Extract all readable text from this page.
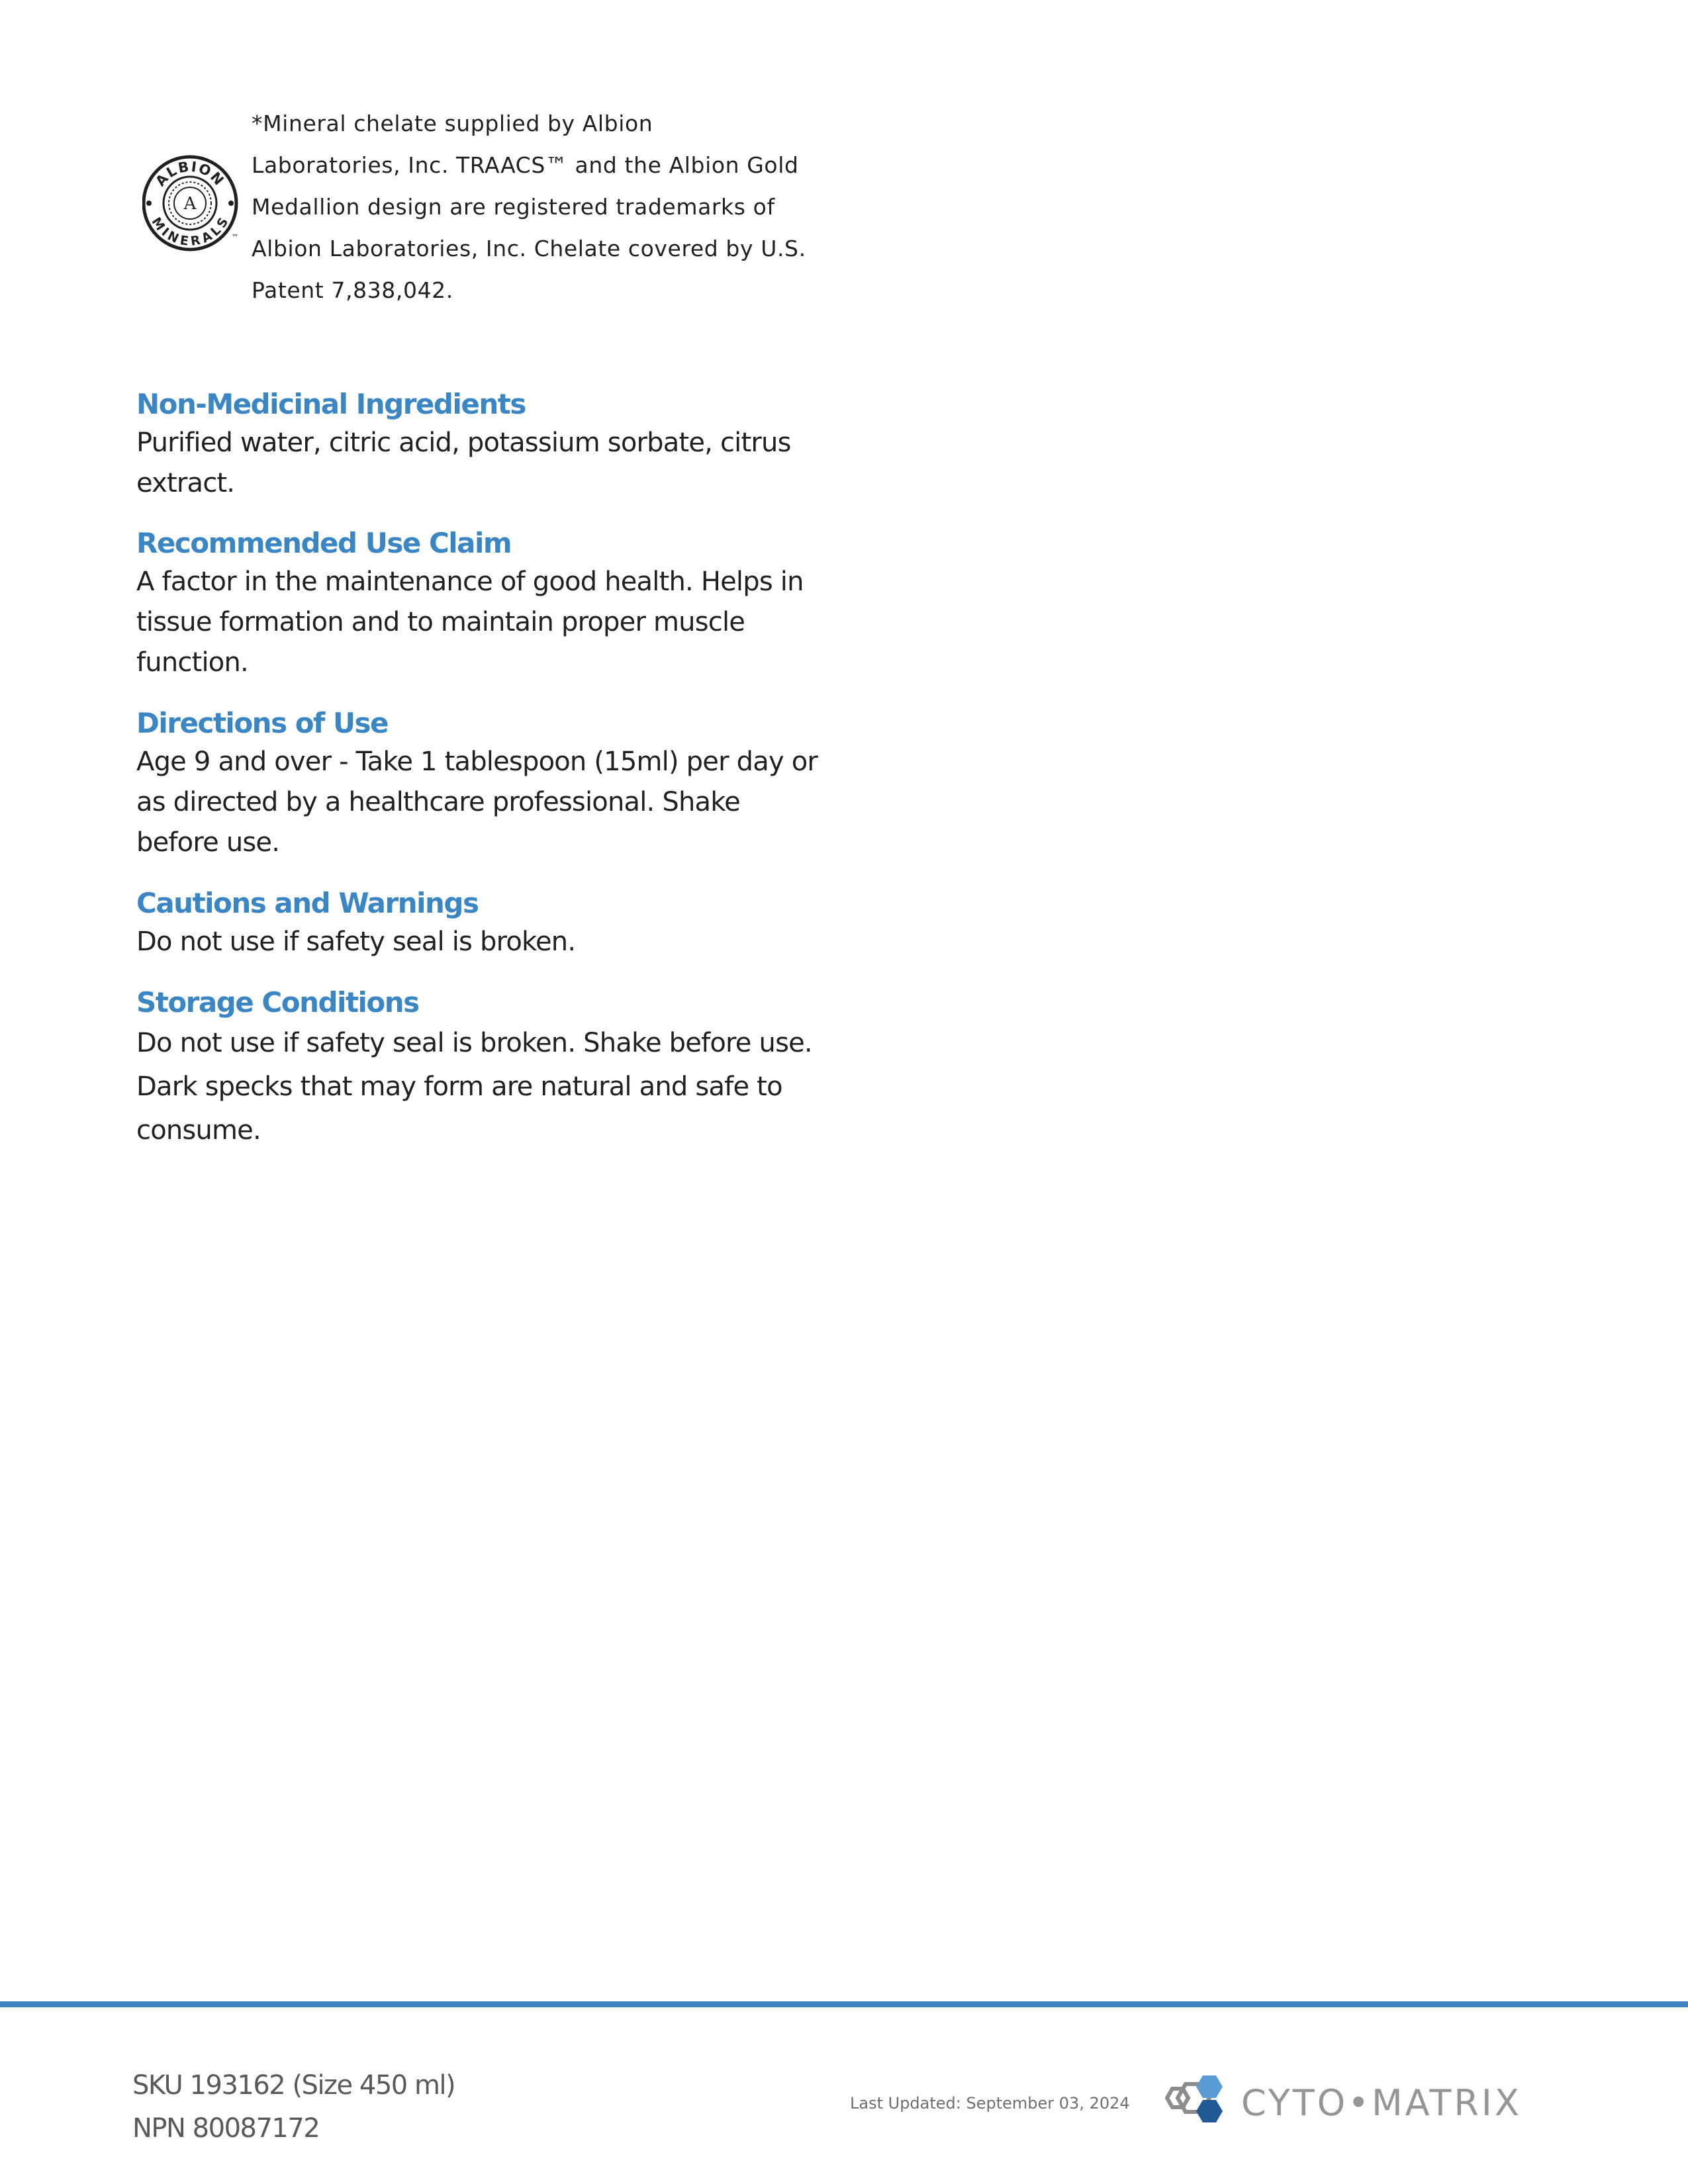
ALBION
MINERALS
A
™
*Mineral chelate supplied by Albion
Laboratories, Inc. TRAACS™ and the Albion Gold
Medallion design are registered trademarks of
Albion Laboratories, Inc. Chelate covered by U.S.
Patent 7,838,042.
Non-Medicinal Ingredients
Purified water, citric acid, potassium sorbate, citrus
extract.
Recommended Use Claim
A factor in the maintenance of good health. Helps in
tissue formation and to maintain proper muscle
function.
Directions of Use
Age 9 and over - Take 1 tablespoon (15ml) per day or
as directed by a healthcare professional. Shake
before use.
Cautions and Warnings
Do not use if safety seal is broken.
Storage Conditions
Do not use if safety seal is broken. Shake before use.
Dark specks that may form are natural and safe to
consume.
SKU 193162 (Size 450 ml)
NPN 80087172
Last Updated: September 03, 2024	CYTO•MATRIX
